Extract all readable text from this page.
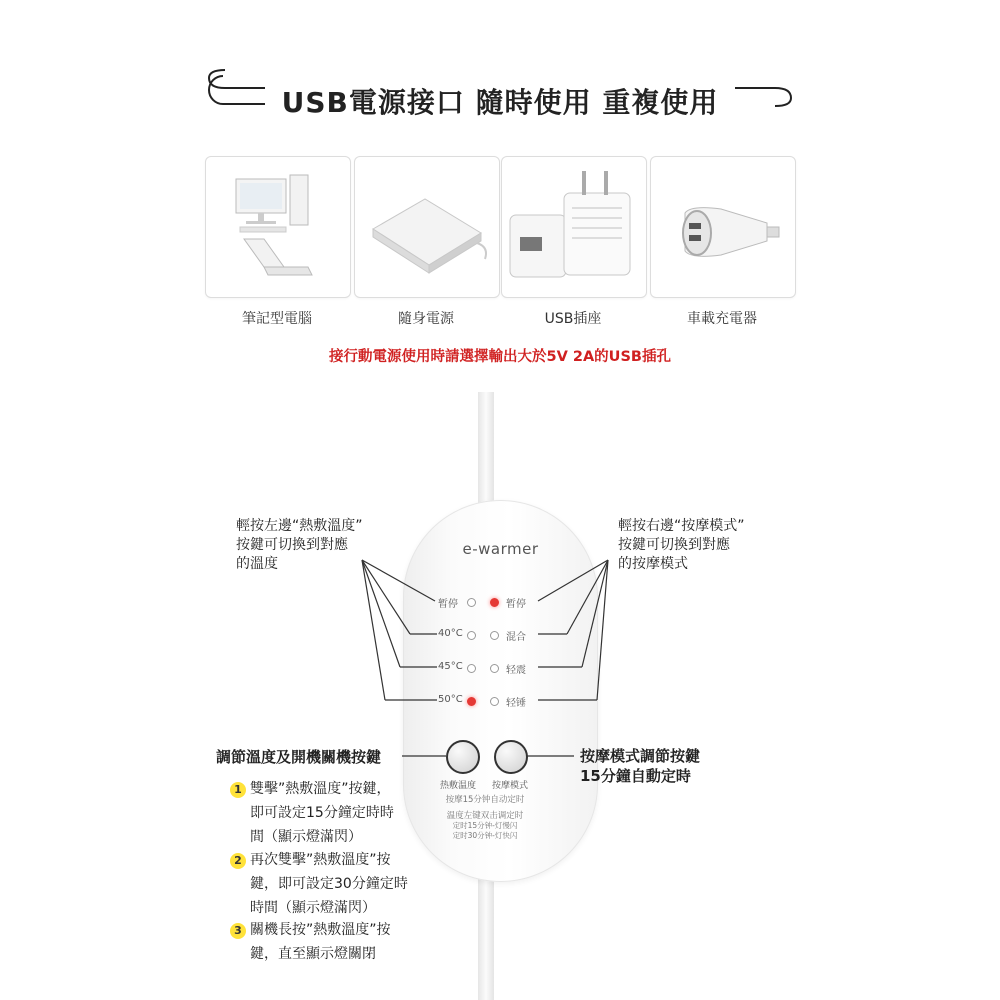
USB電源接口 隨時使用 重複使用
筆記型電腦	隨身電源	USB插座	車載充電器
接行動電源使用時請選擇輸出大於5V 2A的USB插孔
e-warmer
暂停
40°C
45°C
50°C
暂停
混合
轻震
轻锤
热敷温度 按摩模式
按摩15分钟自动定时
温度左键双击调定时
定时15分钟-灯慢闪
定时30分钟-灯快闪
輕按左邊“熱敷溫度”
按鍵可切換到對應
的溫度
輕按右邊“按摩模式”
按鍵可切換到對應
的按摩模式
調節溫度及開機關機按鍵	按摩模式調節按鍵
15分鐘自動定時
1 雙擊”熱敷溫度”按鍵，
即可設定15分鐘定時時
間（顯示燈滿閃）
2 再次雙擊”熱敷溫度”按
鍵，即可設定30分鐘定時
時間（顯示燈滿閃）
3 關機長按”熱敷溫度”按
鍵，直至顯示燈關閉
